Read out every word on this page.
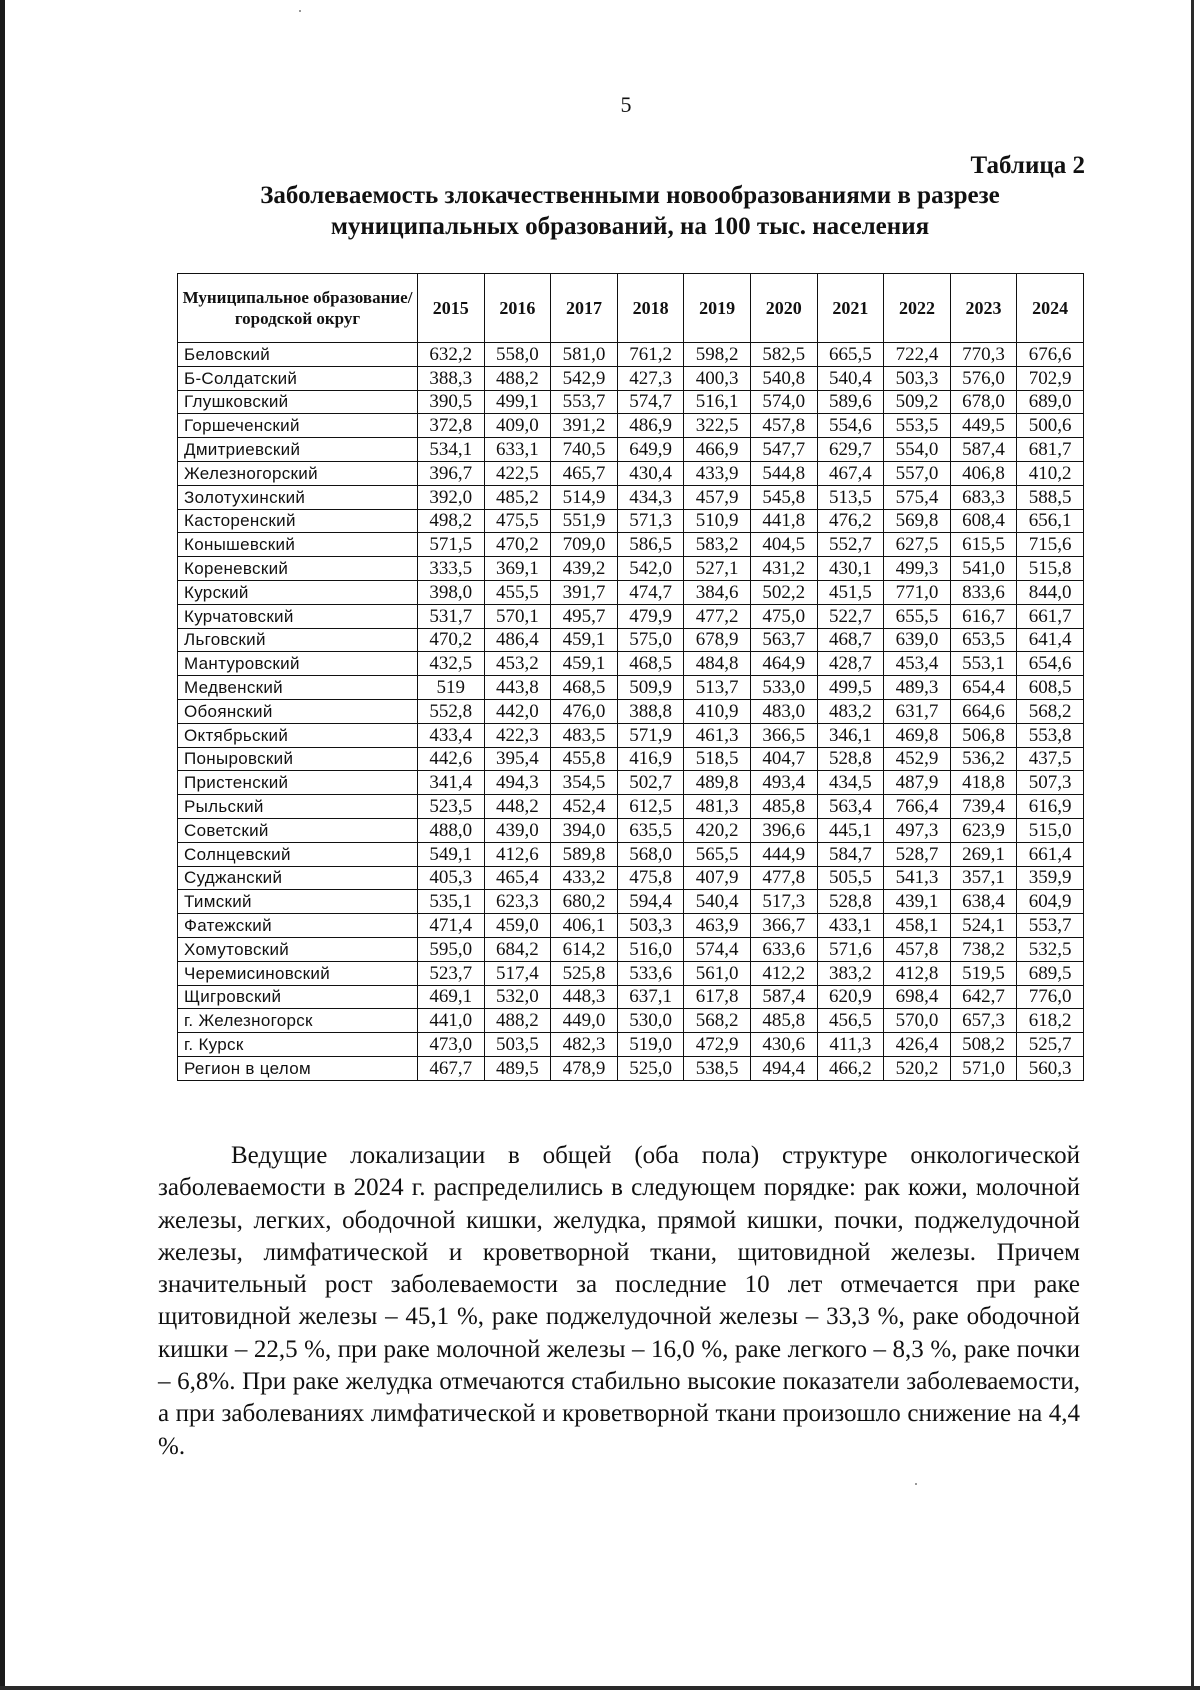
5
Таблица 2
Заболеваемость злокачественными новообразованиями в разрезе муниципальных образований, на 100 тыс. населения
Муниципальное образование/ городской округ	2015	2016	2017	2018	2019	2020	2021	2022	2023	2024
Беловский	632,2	558,0	581,0	761,2	598,2	582,5	665,5	722,4	770,3	676,6
Б-Солдатский	388,3	488,2	542,9	427,3	400,3	540,8	540,4	503,3	576,0	702,9
Глушковский	390,5	499,1	553,7	574,7	516,1	574,0	589,6	509,2	678,0	689,0
Горшеченский	372,8	409,0	391,2	486,9	322,5	457,8	554,6	553,5	449,5	500,6
Дмитриевский	534,1	633,1	740,5	649,9	466,9	547,7	629,7	554,0	587,4	681,7
Железногорский	396,7	422,5	465,7	430,4	433,9	544,8	467,4	557,0	406,8	410,2
Золотухинский	392,0	485,2	514,9	434,3	457,9	545,8	513,5	575,4	683,3	588,5
Касторенский	498,2	475,5	551,9	571,3	510,9	441,8	476,2	569,8	608,4	656,1
Конышевский	571,5	470,2	709,0	586,5	583,2	404,5	552,7	627,5	615,5	715,6
Кореневский	333,5	369,1	439,2	542,0	527,1	431,2	430,1	499,3	541,0	515,8
Курский	398,0	455,5	391,7	474,7	384,6	502,2	451,5	771,0	833,6	844,0
Курчатовский	531,7	570,1	495,7	479,9	477,2	475,0	522,7	655,5	616,7	661,7
Льговский	470,2	486,4	459,1	575,0	678,9	563,7	468,7	639,0	653,5	641,4
Мантуровский	432,5	453,2	459,1	468,5	484,8	464,9	428,7	453,4	553,1	654,6
Медвенский	519	443,8	468,5	509,9	513,7	533,0	499,5	489,3	654,4	608,5
Обоянский	552,8	442,0	476,0	388,8	410,9	483,0	483,2	631,7	664,6	568,2
Октябрьский	433,4	422,3	483,5	571,9	461,3	366,5	346,1	469,8	506,8	553,8
Поныровский	442,6	395,4	455,8	416,9	518,5	404,7	528,8	452,9	536,2	437,5
Пристенский	341,4	494,3	354,5	502,7	489,8	493,4	434,5	487,9	418,8	507,3
Рыльский	523,5	448,2	452,4	612,5	481,3	485,8	563,4	766,4	739,4	616,9
Советский	488,0	439,0	394,0	635,5	420,2	396,6	445,1	497,3	623,9	515,0
Солнцевский	549,1	412,6	589,8	568,0	565,5	444,9	584,7	528,7	269,1	661,4
Суджанский	405,3	465,4	433,2	475,8	407,9	477,8	505,5	541,3	357,1	359,9
Тимский	535,1	623,3	680,2	594,4	540,4	517,3	528,8	439,1	638,4	604,9
Фатежский	471,4	459,0	406,1	503,3	463,9	366,7	433,1	458,1	524,1	553,7
Хомутовский	595,0	684,2	614,2	516,0	574,4	633,6	571,6	457,8	738,2	532,5
Черемисиновский	523,7	517,4	525,8	533,6	561,0	412,2	383,2	412,8	519,5	689,5
Щигровский	469,1	532,0	448,3	637,1	617,8	587,4	620,9	698,4	642,7	776,0
г. Железногорск	441,0	488,2	449,0	530,0	568,2	485,8	456,5	570,0	657,3	618,2
г. Курск	473,0	503,5	482,3	519,0	472,9	430,6	411,3	426,4	508,2	525,7
Регион в целом	467,7	489,5	478,9	525,0	538,5	494,4	466,2	520,2	571,0	560,3
Ведущие локализации в общей (оба пола) структуре онкологической заболеваемости в 2024 г. распределились в следующем порядке: рак кожи, молочной железы, легких, ободочной кишки, желудка, прямой кишки, почки, поджелудочной железы, лимфатической и кроветворной ткани, щитовидной железы. Причем значительный рост заболеваемости за последние 10 лет отмечается при раке щитовидной железы – 45,1 %, раке поджелудочной железы – 33,3 %, раке ободочной кишки – 22,5 %, при раке молочной железы – 16,0 %, раке легкого – 8,3 %, раке почки – 6,8%. При раке желудка отмечаются стабильно высокие показатели заболеваемости, а при заболеваниях лимфатической и кроветворной ткани произошло снижение на 4,4 %.
